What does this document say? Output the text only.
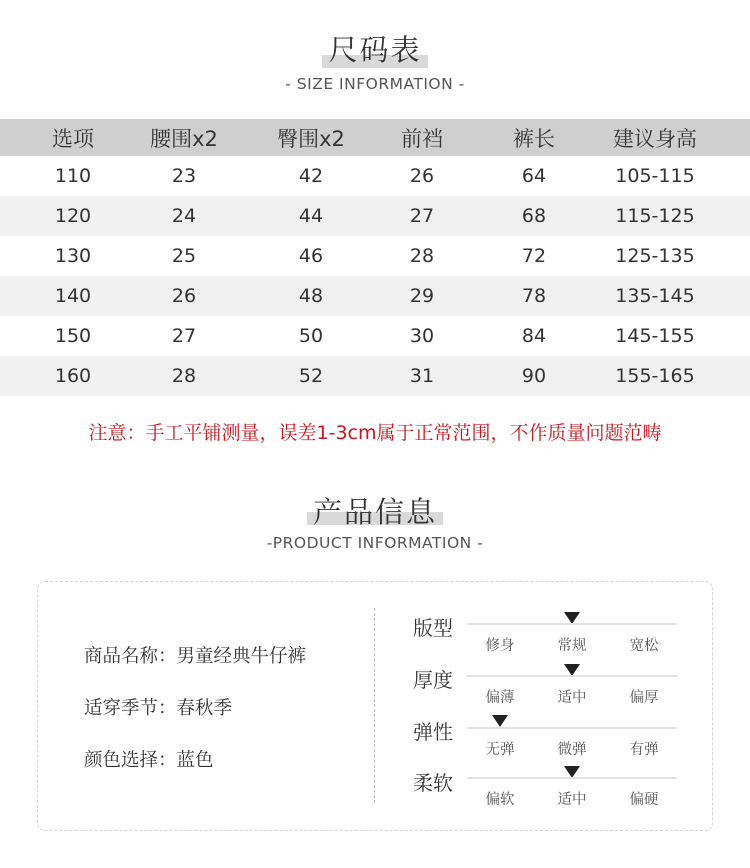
尺码表
- SIZE INFORMATION -
选项	腰围x2	臀围x2	前裆	裤长	建议身高
110	23	42	26	64	105-115
120	24	44	27	68	115-125
130	25	46	28	72	125-135
140	26	48	29	78	135-145
150	27	50	30	84	145-155
160	28	52	31	90	155-165
注意：手工平铺测量，误差1-3cm属于正常范围，不作质量问题范畴
产品信息
-PRODUCT INFORMATION -
商品名称：男童经典牛仔裤
适穿季节：春秋季
颜色选择：蓝色
版型
修身	常规	宽松
厚度
偏薄	适中	偏厚
弹性
无弹	微弹	有弹
柔软
偏软	适中	偏硬
